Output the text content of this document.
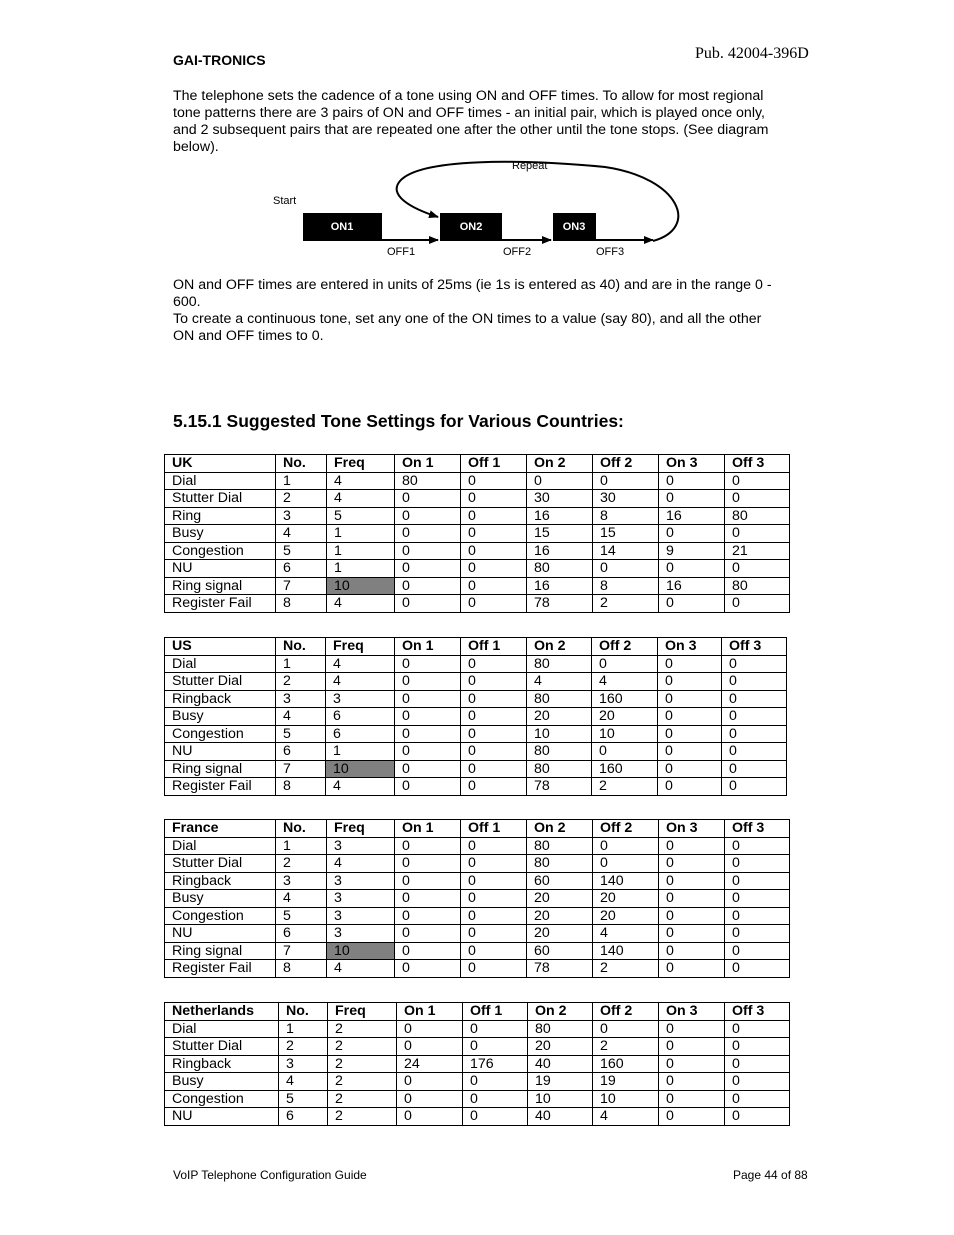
GAI-TRONICS	Pub. 42004-396D

The telephone sets the cadence of a tone using ON and OFF times. To allow for most regional tone patterns there are 3 pairs of ON and OFF times - an initial pair, which is played once only, and 2 subsequent pairs that are repeated one after the other until the tone stops. (See diagram below).

Repeat
Start
ON1	ON2	ON3
OFF1	OFF2	OFF3

ON and OFF times are entered in units of 25ms (ie 1s is entered as 40) and are in the range 0 - 600.

To create a continuous tone, set any one of the ON times to a value (say 80), and all the other ON and OFF times to 0.

5.15.1 Suggested Tone Settings for Various Countries:
UK	No.	Freq	On 1	Off 1	On 2	Off 2	On 3	Off 3
Dial	1	4	80	0	0	0	0	0
Stutter Dial	2	4	0	0	30	30	0	0
Ring	3	5	0	0	16	8	16	80
Busy	4	1	0	0	15	15	0	0
Congestion	5	1	0	0	16	14	9	21
NU	6	1	0	0	80	0	0	0
Ring signal	7	10	0	0	16	8	16	80
Register Fail	8	4	0	0	78	2	0	0
US	No.	Freq	On 1	Off 1	On 2	Off 2	On 3	Off 3
Dial	1	4	0	0	80	0	0	0
Stutter Dial	2	4	0	0	4	4	0	0
Ringback	3	3	0	0	80	160	0	0
Busy	4	6	0	0	20	20	0	0
Congestion	5	6	0	0	10	10	0	0
NU	6	1	0	0	80	0	0	0
Ring signal	7	10	0	0	80	160	0	0
Register Fail	8	4	0	0	78	2	0	0
France	No.	Freq	On 1	Off 1	On 2	Off 2	On 3	Off 3
Dial	1	3	0	0	80	0	0	0
Stutter Dial	2	4	0	0	80	0	0	0
Ringback	3	3	0	0	60	140	0	0
Busy	4	3	0	0	20	20	0	0
Congestion	5	3	0	0	20	20	0	0
NU	6	3	0	0	20	4	0	0
Ring signal	7	10	0	0	60	140	0	0
Register Fail	8	4	0	0	78	2	0	0
Netherlands	No.	Freq	On 1	Off 1	On 2	Off 2	On 3	Off 3
Dial	1	2	0	0	80	0	0	0
Stutter Dial	2	2	0	0	20	2	0	0
Ringback	3	2	24	176	40	160	0	0
Busy	4	2	0	0	19	19	0	0
Congestion	5	2	0	0	10	10	0	0
NU	6	2	0	0	40	4	0	0
VoIP Telephone Configuration Guide	Page 44 of 88
